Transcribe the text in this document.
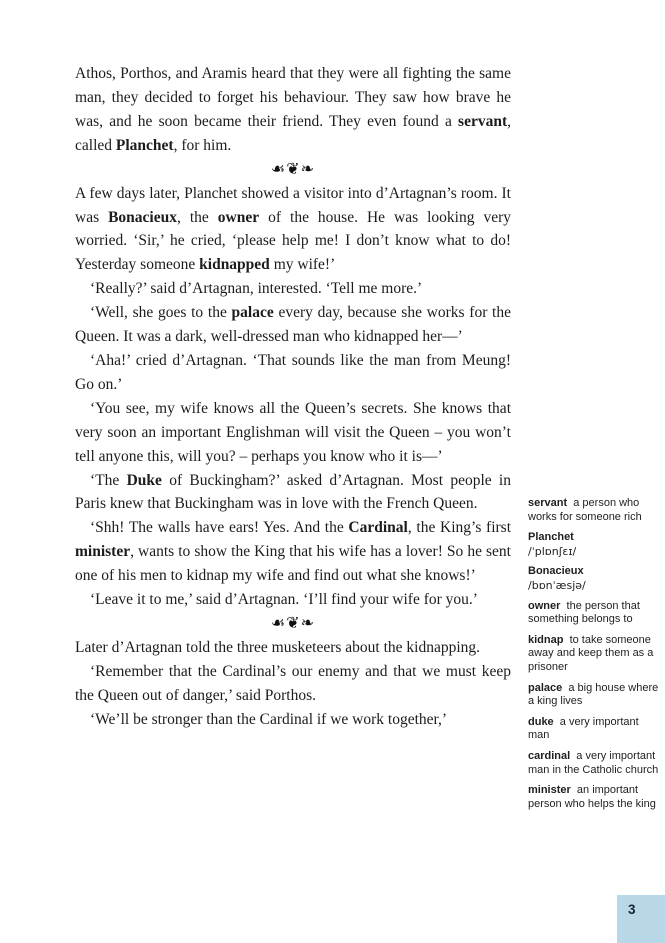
Athos, Porthos, and Aramis heard that they were all fighting the same man, they decided to forget his behaviour. They saw how brave he was, and he soon became their friend. They even found a servant, called Planchet, for him.

☙❦❧

A few days later, Planchet showed a visitor into d’Artagnan’s room. It was Bonacieux, the owner of the house. He was looking very worried. ‘Sir,’ he cried, ‘please help me! I don’t know what to do! Yesterday someone kidnapped my wife!’

‘Really?’ said d’Artagnan, interested. ‘Tell me more.’

‘Well, she goes to the palace every day, because she works for the Queen. It was a dark, well-dressed man who kidnapped her—’

‘Aha!’ cried d’Artagnan. ‘That sounds like the man from Meung! Go on.’

‘You see, my wife knows all the Queen’s secrets. She knows that very soon an important Englishman will visit the Queen – you won’t tell anyone this, will you? – perhaps you know who it is—’

‘The Duke of Buckingham?’ asked d’Artagnan. Most people in Paris knew that Buckingham was in love with the French Queen.

‘Shh! The walls have ears! Yes. And the Cardinal, the King’s first minister, wants to show the King that his wife has a lover! So he sent one of his men to kidnap my wife and find out what she knows!’

‘Leave it to me,’ said d’Artagnan. ‘I’ll find your wife for you.’

☙❦❧

Later d’Artagnan told the three musketeers about the kidnapping.

‘Remember that the Cardinal’s our enemy and that we must keep the Queen out of danger,’ said Porthos.

‘We’ll be stronger than the Cardinal if we work together,’

servant  a person who works for someone rich
Planchet
/ˈplɒnʃɛɪ/
Bonacieux
/bɒnˈæsjə/
owner  the person that something belongs to
kidnap  to take someone away and keep them as a prisoner
palace  a big house where a king lives
duke  a very important man
cardinal  a very important man in the Catholic church
minister  an important person who helps the king
3
